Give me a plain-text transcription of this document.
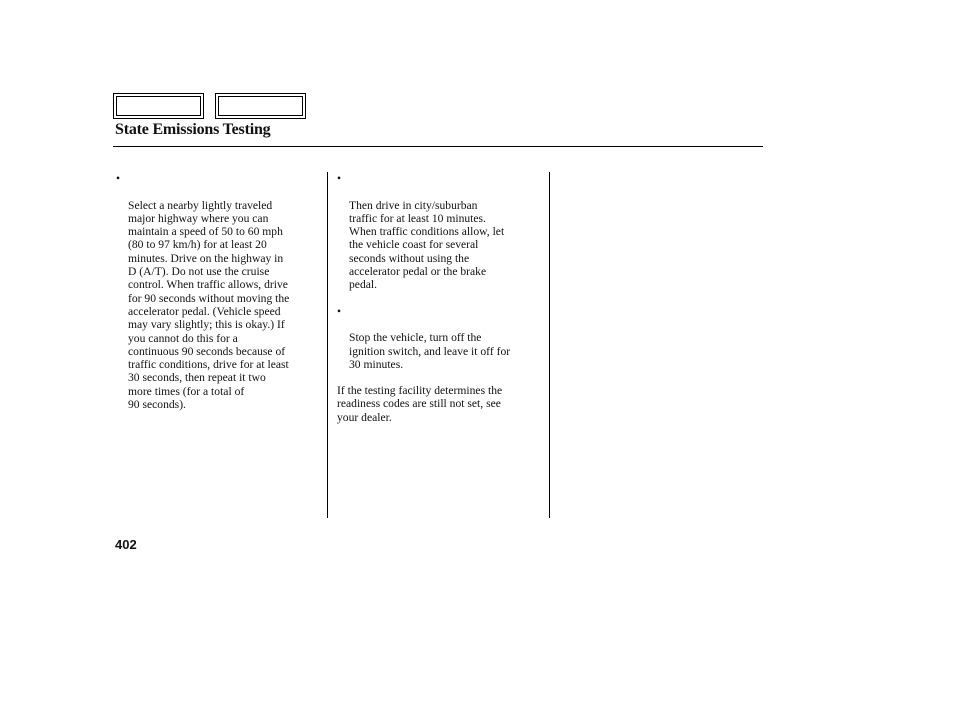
State Emissions Testing

•

Select a nearby lightly traveled
major highway where you can
maintain a speed of 50 to 60 mph
(80 to 97 km/h) for at least 20
minutes. Drive on the highway in
D (A/T). Do not use the cruise
control. When traffic allows, drive
for 90 seconds without moving the
accelerator pedal. (Vehicle speed
may vary slightly; this is okay.) If
you cannot do this for a
continuous 90 seconds because of
traffic conditions, drive for at least
30 seconds, then repeat it two
more times (for a total of
90 seconds).

•

Then drive in city/suburban
traffic for at least 10 minutes.
When traffic conditions allow, let
the vehicle coast for several
seconds without using the
accelerator pedal or the brake
pedal.

•

Stop the vehicle, turn off the
ignition switch, and leave it off for
30 minutes.

If the testing facility determines the
readiness codes are still not set, see
your dealer.
402
